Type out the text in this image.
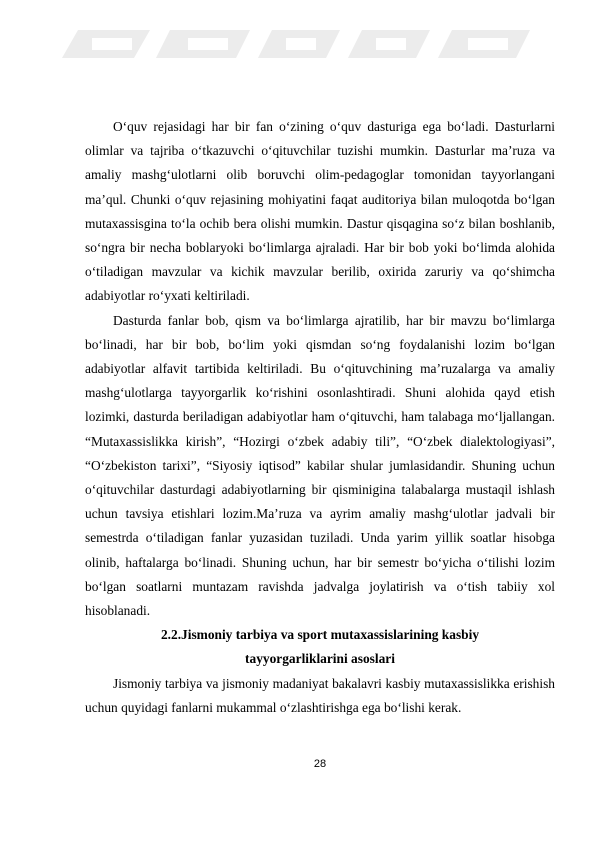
O‘quv rejasidagi har bir fan o‘zining o‘quv dasturiga ega bo‘ladi. Dasturlarni olimlar va tajriba o‘tkazuvchi o‘qituvchilar tuzishi mumkin. Dasturlar ma’ruza va amaliy mashg‘ulotlarni olib boruvchi olim-pedagoglar tomonidan tayyorlangani ma’qul. Chunki o‘quv rejasining mohiyatini faqat auditoriya bilan muloqotda bo‘lgan mutaxassisgina to‘la ochib bera olishi mumkin. Dastur qisqagina so‘z bilan boshlanib, so‘ngra bir necha boblaryoki bo‘limlarga ajraladi. Har bir bob yoki bo‘limda alohida o‘tiladigan mavzular va kichik mavzular berilib, oxirida zaruriy va qo‘shimcha adabiyotlar ro‘yxati keltiriladi.

Dasturda fanlar bob, qism va bo‘limlarga ajratilib, har bir mavzu bo‘limlarga bo‘linadi, har bir bob, bo‘lim yoki qismdan so‘ng foydalanishi lozim bo‘lgan adabiyotlar alfavit tartibida keltiriladi. Bu o‘qituvchining ma’ruzalarga va amaliy mashg‘ulotlarga tayyorgarlik ko‘rishini osonlashtiradi. Shuni alohida qayd etish lozimki, dasturda beriladigan adabiyotlar ham o‘qituvchi, ham talabaga mo‘ljallangan. “Mutaxassislikka kirish”, “Hozirgi o‘zbek adabiy tili”, “O‘zbek dialektologiyasi”, “O‘zbekiston tarixi”, “Siyosiy iqtisod” kabilar shular jumlasidandir. Shuning uchun o‘qituvchilar dasturdagi adabiyotlarning bir qisminigina talabalarga mustaqil ishlash uchun tavsiya etishlari lozim.Ma’ruza va ayrim amaliy mashg‘ulotlar jadvali bir semestrda o‘tiladigan fanlar yuzasidan tuziladi. Unda yarim yillik soatlar hisobga olinib, haftalarga bo‘linadi. Shuning uchun, har bir semestr bo‘yicha o‘tilishi lozim bo‘lgan soatlarni muntazam ravishda jadvalga joylatirish va o‘tish tabiiy xol hisoblanadi.

2.2.Jismoniy tarbiya va sport mutaxassislarining kasbiy

tayyorgarliklarini asoslari

Jismoniy tarbiya va jismoniy madaniyat bakalavri kasbiy mutaxassislikka erishish uchun quyidagi fanlarni mukammal o‘zlashtirishga ega bo‘lishi kerak.

28
